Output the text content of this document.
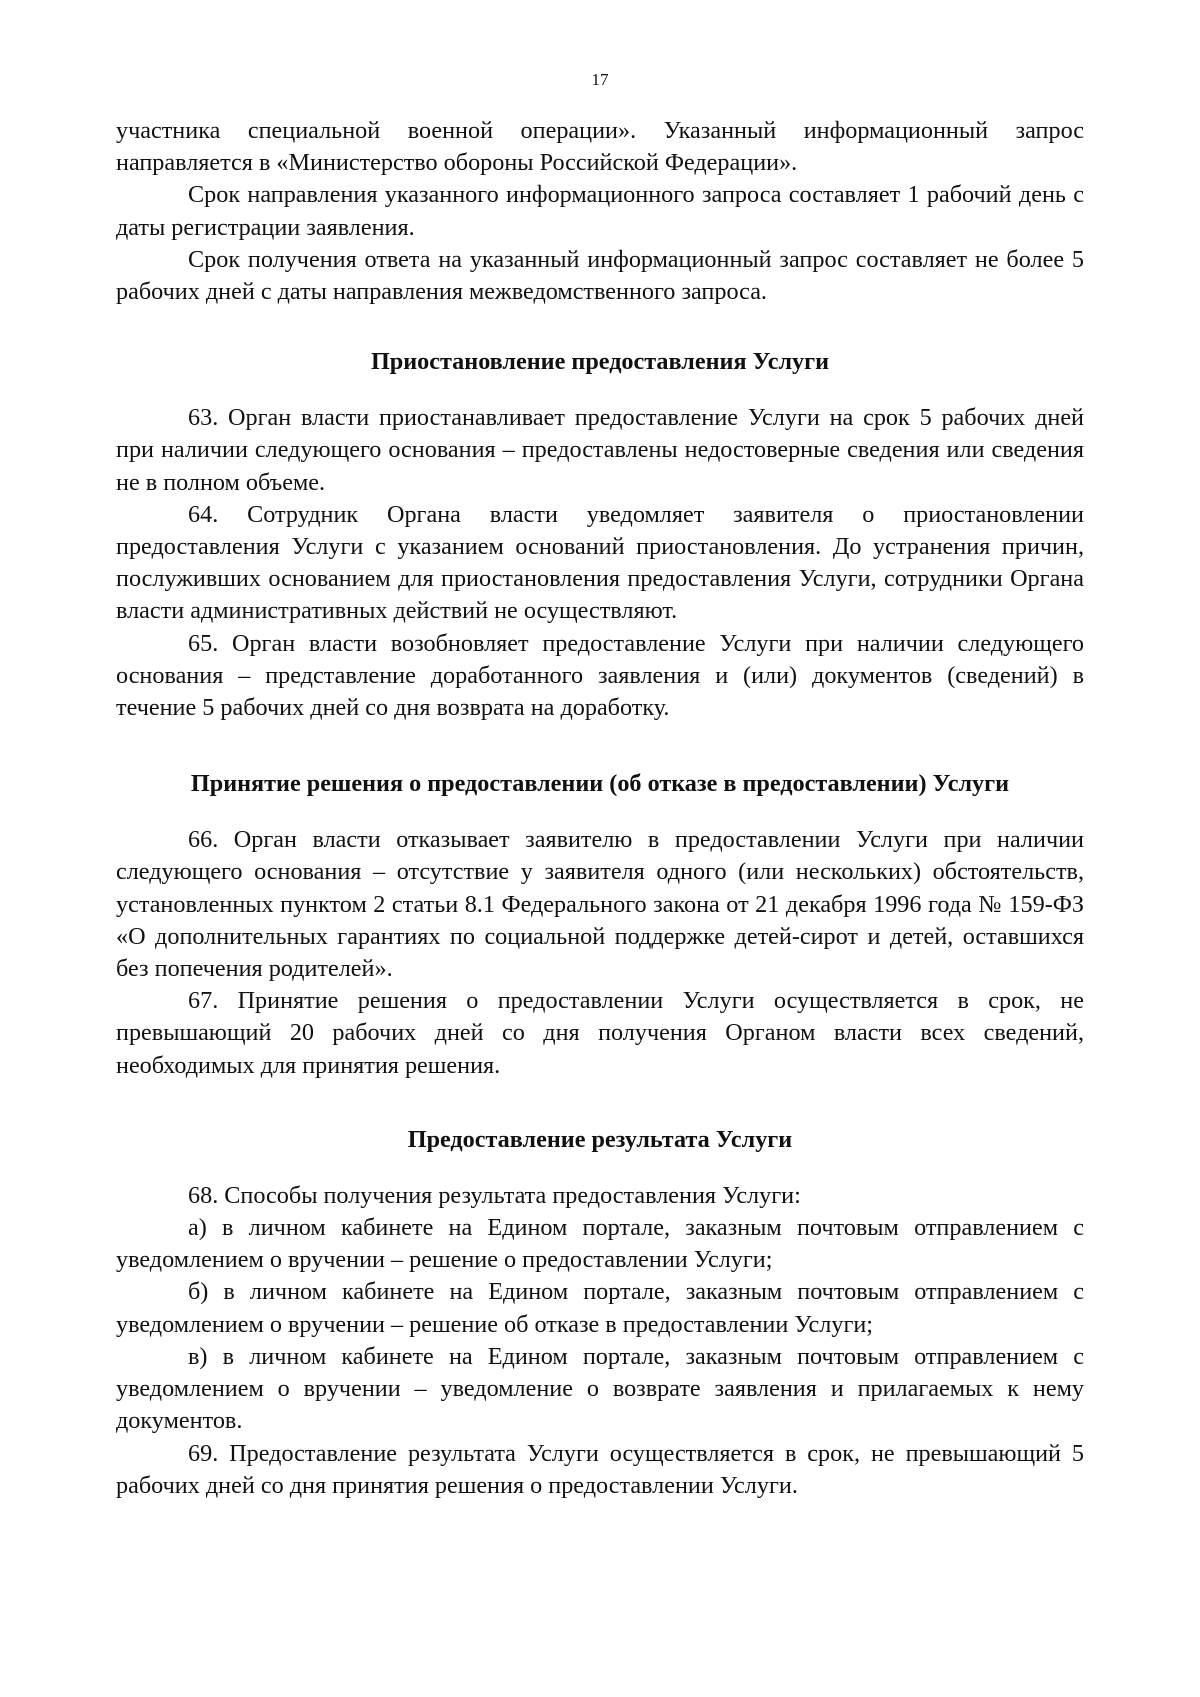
17

участника специальной военной операции». Указанный информационный запрос направляется в «Министерство обороны Российской Федерации».

Срок направления указанного информационного запроса составляет 1 рабочий день с даты регистрации заявления.

Срок получения ответа на указанный информационный запрос составляет не более 5 рабочих дней с даты направления межведомственного запроса.

Приостановление предоставления Услуги

63. Орган власти приостанавливает предоставление Услуги на срок 5 рабочих дней при наличии следующего основания – предоставлены недостоверные сведения или сведения не в полном объеме.

64. Сотрудник Органа власти уведомляет заявителя о приостановлении предоставления Услуги с указанием оснований приостановления. До устранения причин, послуживших основанием для приостановления предоставления Услуги, сотрудники Органа власти административных действий не осуществляют.

65. Орган власти возобновляет предоставление Услуги при наличии следующего основания – представление доработанного заявления и (или) документов (сведений) в течение 5 рабочих дней со дня возврата на доработку.

Принятие решения о предоставлении (об отказе в предоставлении) Услуги

66. Орган власти отказывает заявителю в предоставлении Услуги при наличии следующего основания – отсутствие у заявителя одного (или нескольких) обстоятельств, установленных пунктом 2 статьи 8.1 Федерального закона от 21 декабря 1996 года № 159-ФЗ «О дополнительных гарантиях по социальной поддержке детей-сирот и детей, оставшихся без попечения родителей».

67. Принятие решения о предоставлении Услуги осуществляется в срок, не превышающий 20 рабочих дней со дня получения Органом власти всех сведений, необходимых для принятия решения.

Предоставление результата Услуги

68. Способы получения результата предоставления Услуги:

а) в личном кабинете на Едином портале, заказным почтовым отправлением с уведомлением о вручении – решение о предоставлении Услуги;

б) в личном кабинете на Едином портале, заказным почтовым отправлением с уведомлением о вручении – решение об отказе в предоставлении Услуги;

в) в личном кабинете на Едином портале, заказным почтовым отправлением с уведомлением о вручении – уведомление о возврате заявления и прилагаемых к нему документов.

69. Предоставление результата Услуги осуществляется в срок, не превышающий 5 рабочих дней со дня принятия решения о предоставлении Услуги.
